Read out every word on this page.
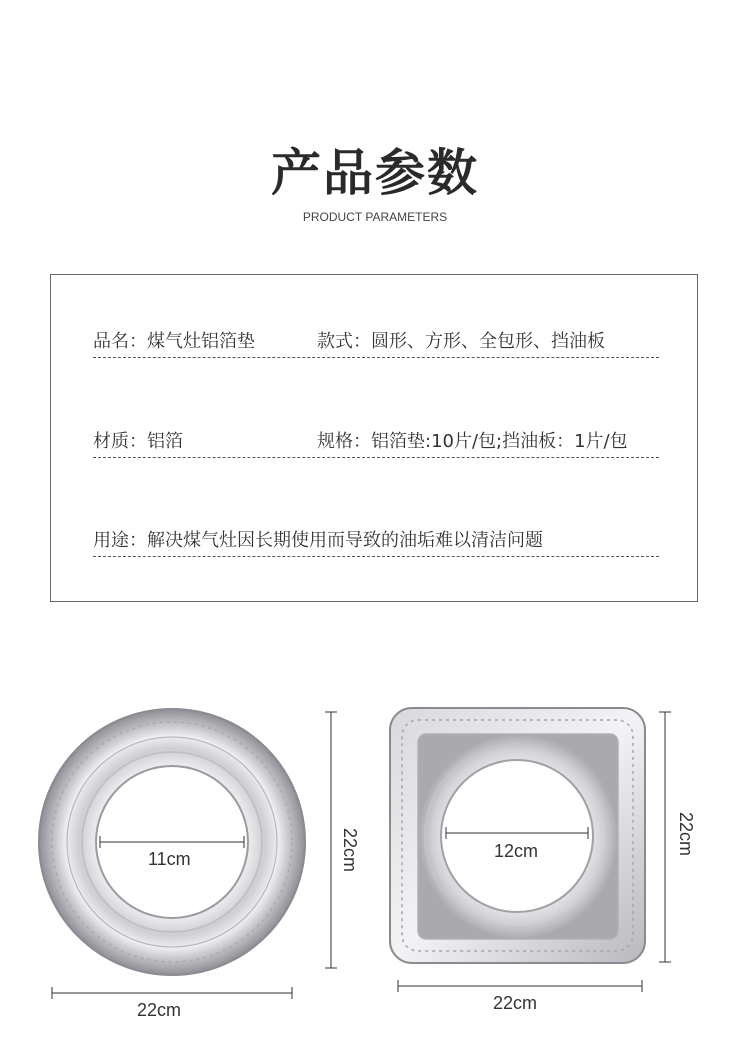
产品参数
PRODUCT PARAMETERS
品名：煤气灶铝箔垫	款式：圆形、方形、全包形、挡油板
材质：铝箔	规格：铝箔垫:10片/包;挡油板：1片/包
用途：解决煤气灶因长期使用而导致的油垢难以清洁问题
11cm	22cm
22cm
12cm	22cm
22cm
